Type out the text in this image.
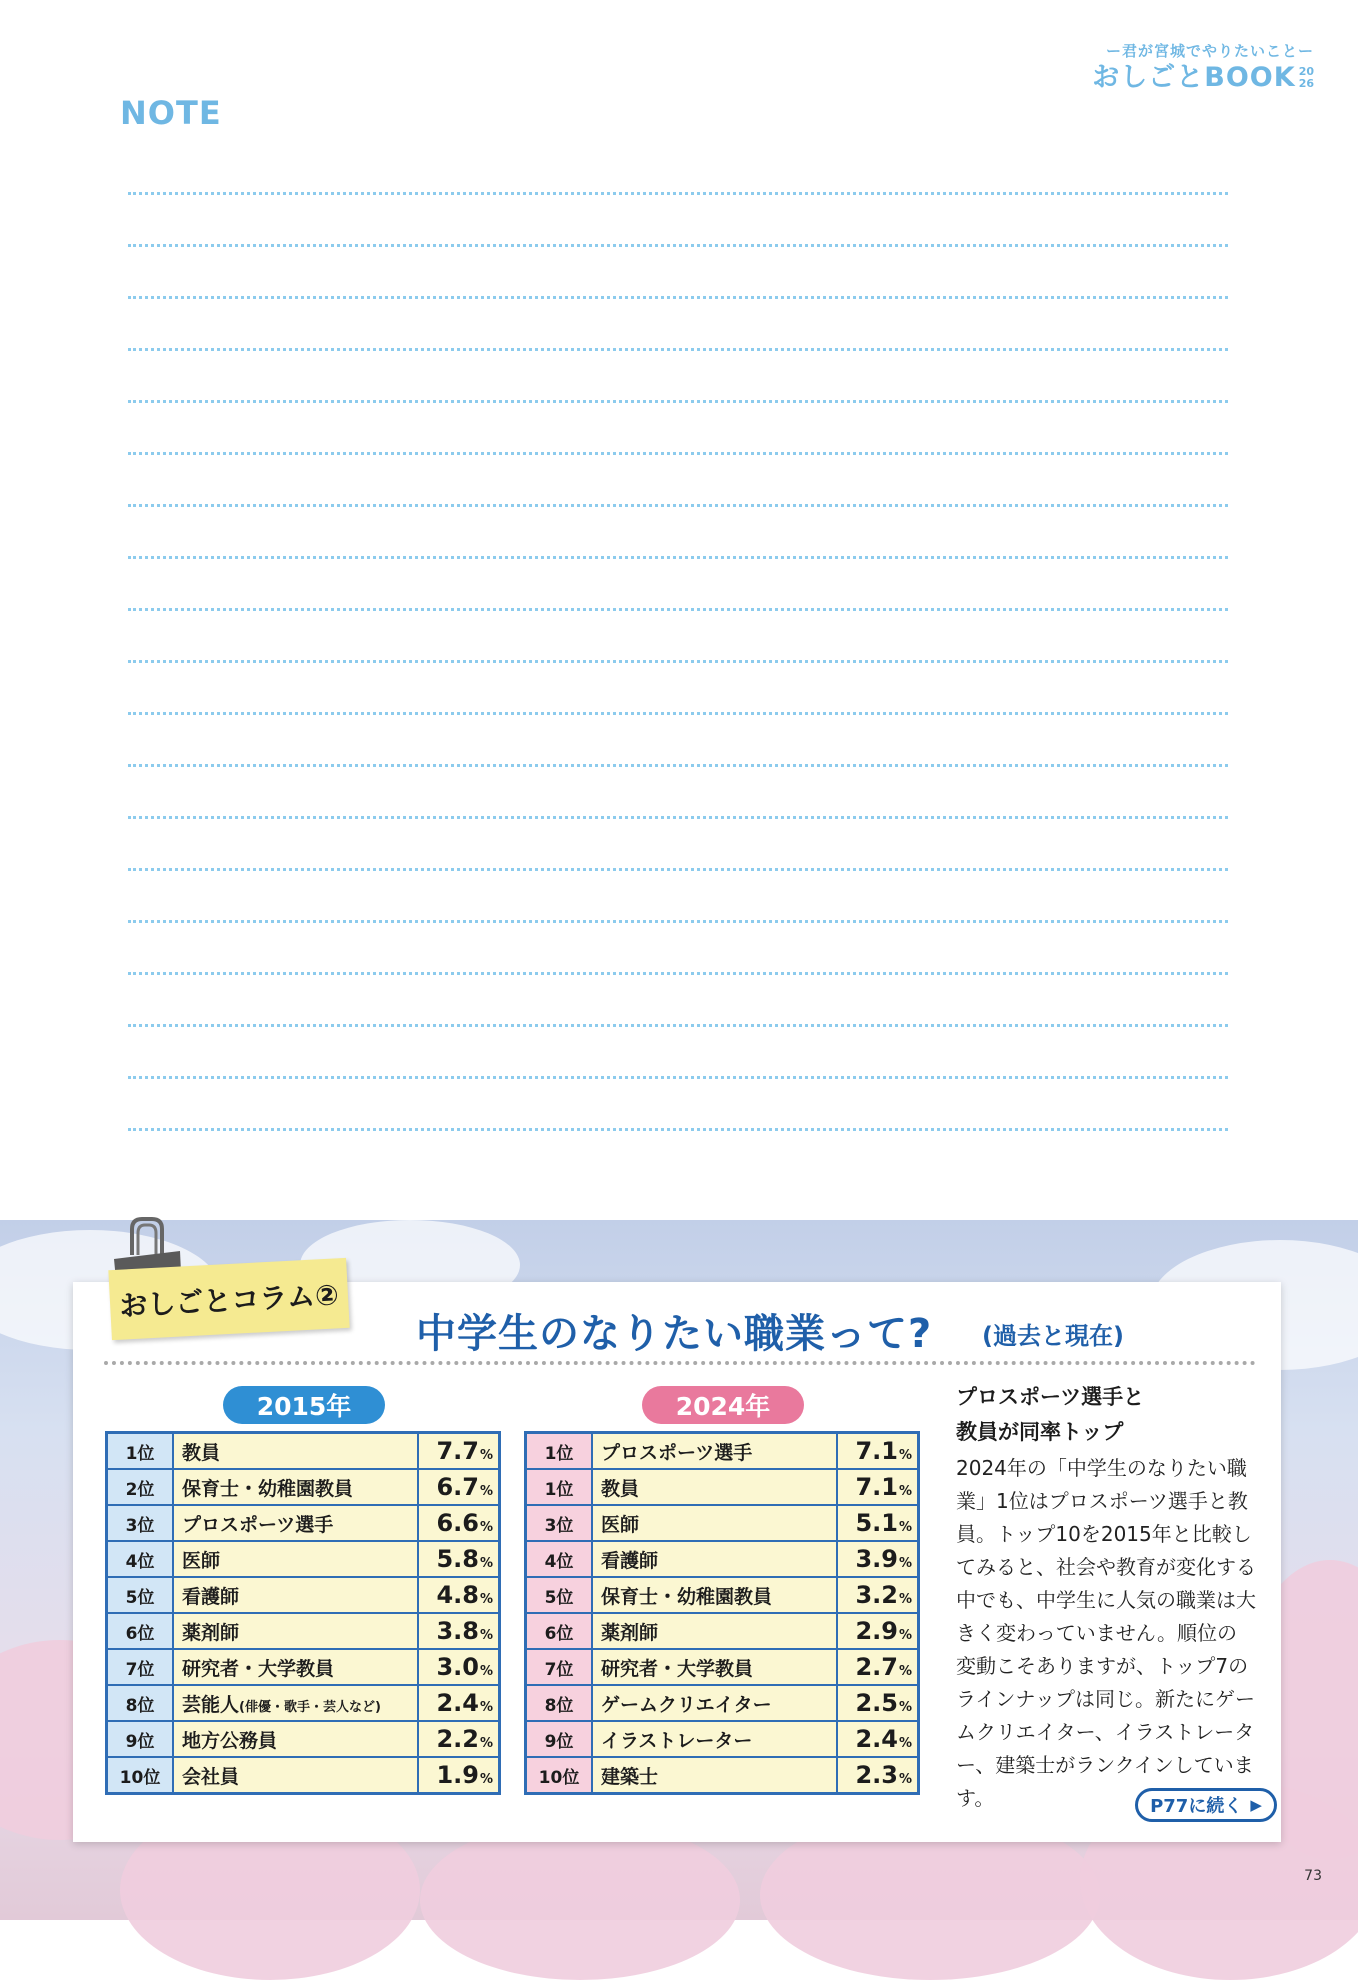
ー君が宮城でやりたいことー
おしごとBOOK 20
26
NOTE
おしごとコラム②
中学生のなりたい職業って? (過去と現在)
2015年	2024年
1位	教員	7.7%
2位	保育士・幼稚園教員	6.7%
3位	プロスポーツ選手	6.6%
4位	医師	5.8%
5位	看護師	4.8%
6位	薬剤師	3.8%
7位	研究者・大学教員	3.0%
8位	芸能人(俳優・歌手・芸人など)	2.4%
9位	地方公務員	2.2%
10位	会社員	1.9%
1位	プロスポーツ選手	7.1%
1位	教員	7.1%
3位	医師	5.1%
4位	看護師	3.9%
5位	保育士・幼稚園教員	3.2%
6位	薬剤師	2.9%
7位	研究者・大学教員	2.7%
8位	ゲームクリエイター	2.5%
9位	イラストレーター	2.4%
10位	建築士	2.3%
プロスポーツ選手と
教員が同率トップ
2024年の「中学生のなりたい職業」1位はプロスポーツ選手と教員。トップ10を2015年と比較してみると、社会や教育が変化する中でも、中学生に人気の職業は大きく変わっていません。順位の変動こそありますが、トップ7のラインナップは同じ。新たにゲームクリエイター、イラストレーター、建築士がランクインしています。	P77に続く ▶
73
